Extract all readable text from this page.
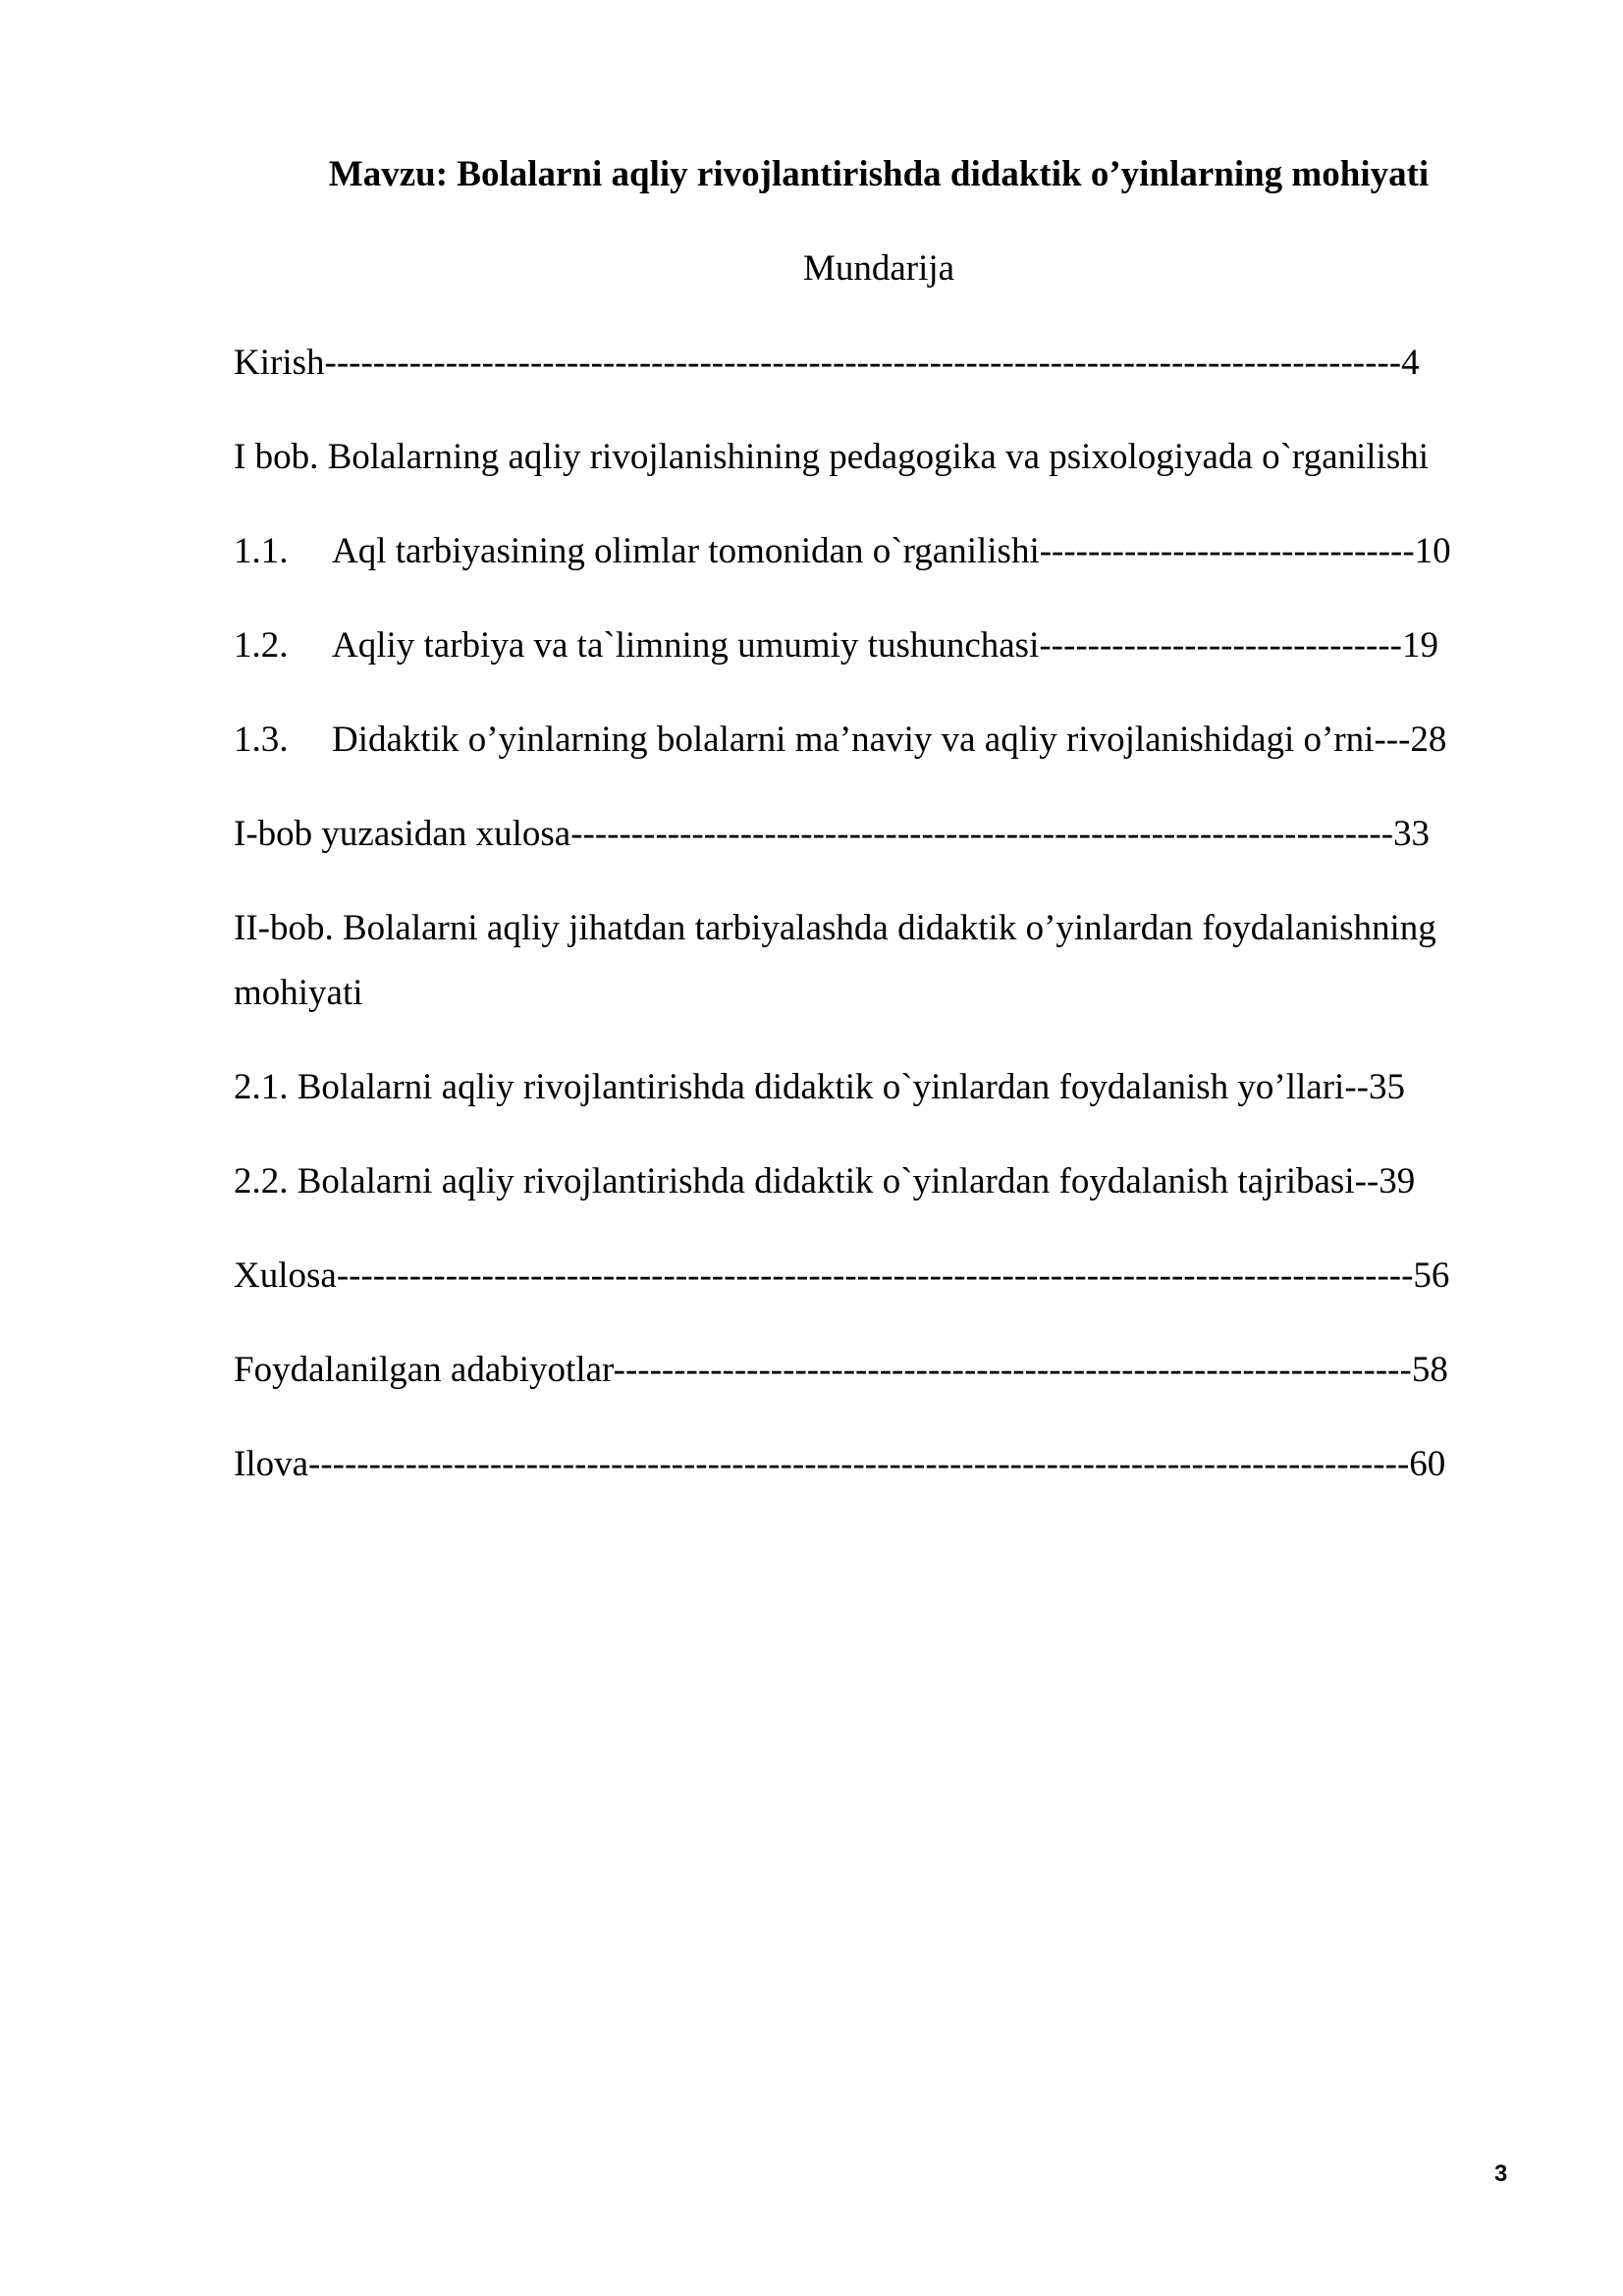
Mavzu: Bolalarni aqliy rivojlantirishda didaktik o’yinlarning mohiyati
Mundarija
Kirish-----------------------------------------------------------------------------------------4
I bob. Bolalarning aqliy rivojlanishining pedagogika va psixologiyada o`rganilishi
1.1. Aql tarbiyasining olimlar tomonidan o`rganilishi-------------------------------10
1.2. Aqliy tarbiya va ta`limning umumiy tushunchasi------------------------------19
1.3. Didaktik o’yinlarning bolalarni ma’naviy va aqliy rivojlanishidagi o’rni---28
I-bob yuzasidan xulosa--------------------------------------------------------------------33
II-bob. Bolalarni aqliy jihatdan tarbiyalashda didaktik o’yinlardan foydalanishning
mohiyati
2.1. Bolalarni aqliy rivojlantirishda didaktik o`yinlardan foydalanish yo’llari--35
2.2. Bolalarni aqliy rivojlantirishda didaktik o`yinlardan foydalanish tajribasi--39
Xulosa-----------------------------------------------------------------------------------------56
Foydalanilgan adabiyotlar------------------------------------------------------------------58
Ilova-------------------------------------------------------------------------------------------60
3
